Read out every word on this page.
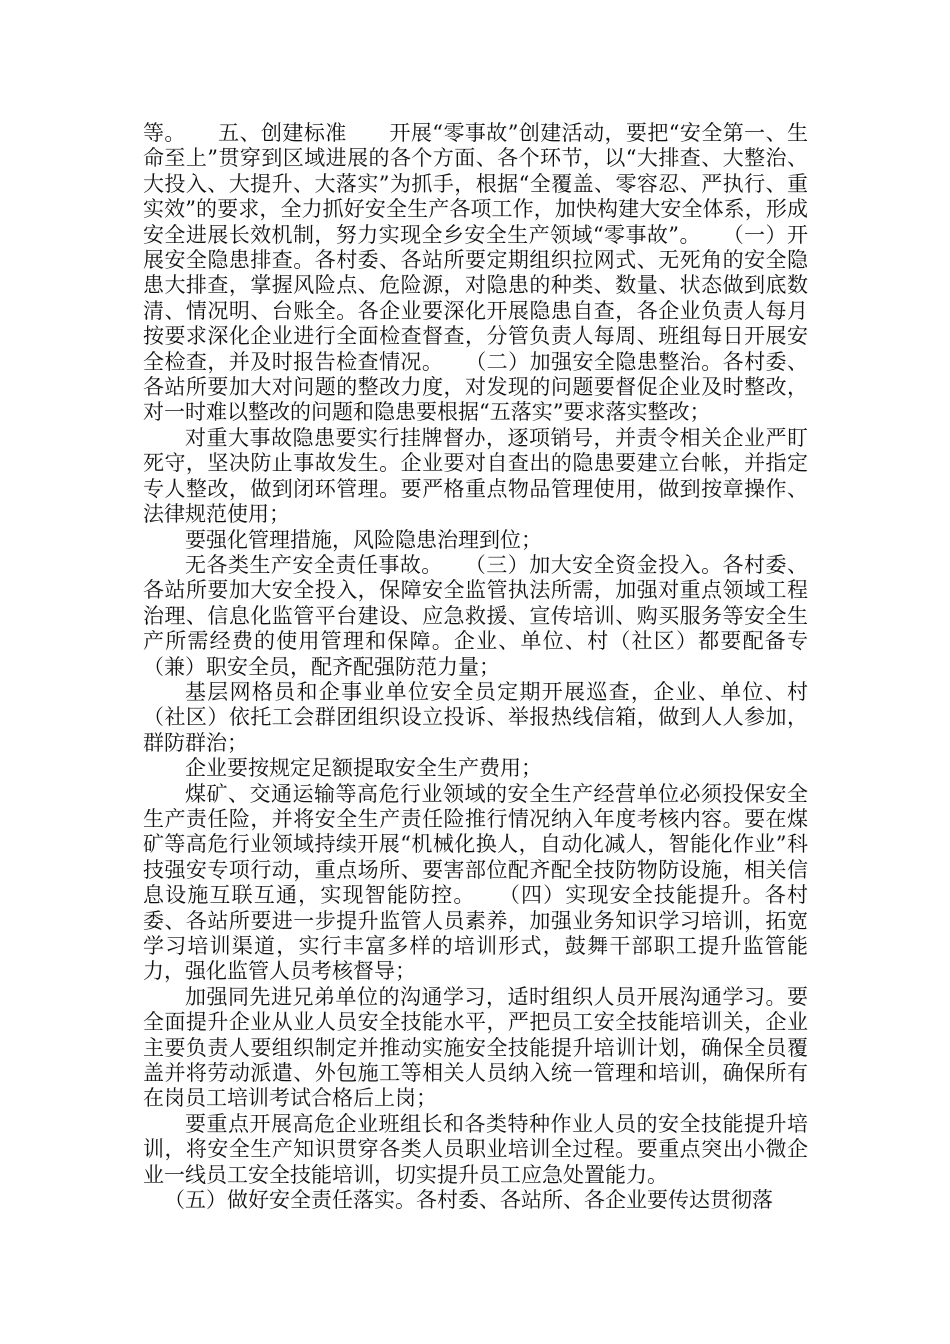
等。　　五、创建标准　　开展“零事故”创建活动，要把“安全第一、生命至上”贯穿到区域进展的各个方面、各个环节，以“大排查、大整治、大投入、大提升、大落实”为抓手，根据“全覆盖、零容忍、严执行、重实效”的要求，全力抓好安全生产各项工作，加快构建大安全体系，形成安全进展长效机制，努力实现全乡安全生产领域“零事故”。　　（一）开展安全隐患排查。各村委、各站所要定期组织拉网式、无死角的安全隐患大排查，掌握风险点、危险源，对隐患的种类、数量、状态做到底数清、情况明、台账全。各企业要深化开展隐患自查，各企业负责人每月按要求深化企业进行全面检查督查，分管负责人每周、班组每日开展安全检查，并及时报告检查情况。　　（二）加强安全隐患整治。各村委、各站所要加大对问题的整改力度，对发现的问题要督促企业及时整改，对一时难以整改的问题和隐患要根据“五落实”要求落实整改；

对重大事故隐患要实行挂牌督办，逐项销号，并责令相关企业严盯死守，坚决防止事故发生。企业要对自查出的隐患要建立台帐，并指定专人整改，做到闭环管理。要严格重点物品管理使用，做到按章操作、法律规范使用；

要强化管理措施，风险隐患治理到位；

无各类生产安全责任事故。　　（三）加大安全资金投入。各村委、各站所要加大安全投入，保障安全监管执法所需，加强对重点领域工程治理、信息化监管平台建设、应急救援、宣传培训、购买服务等安全生产所需经费的使用管理和保障。企业、单位、村（社区）都要配备专（兼）职安全员，配齐配强防范力量；

基层网格员和企事业单位安全员定期开展巡查，企业、单位、村（社区）依托工会群团组织设立投诉、举报热线信箱，做到人人参加，群防群治；

企业要按规定足额提取安全生产费用；

煤矿、交通运输等高危行业领域的安全生产经营单位必须投保安全生产责任险，并将安全生产责任险推行情况纳入年度考核内容。要在煤矿等高危行业领域持续开展“机械化换人，自动化减人，智能化作业”科技强安专项行动，重点场所、要害部位配齐配全技防物防设施，相关信息设施互联互通，实现智能防控。　　（四）实现安全技能提升。各村委、各站所要进一步提升监管人员素养，加强业务知识学习培训，拓宽学习培训渠道，实行丰富多样的培训形式，鼓舞干部职工提升监管能力，强化监管人员考核督导；

加强同先进兄弟单位的沟通学习，适时组织人员开展沟通学习。要全面提升企业从业人员安全技能水平，严把员工安全技能培训关，企业主要负责人要组织制定并推动实施安全技能提升培训计划，确保全员覆盖并将劳动派遣、外包施工等相关人员纳入统一管理和培训，确保所有在岗员工培训考试合格后上岗；

要重点开展高危企业班组长和各类特种作业人员的安全技能提升培训，将安全生产知识贯穿各类人员职业培训全过程。要重点突出小微企业一线员工安全技能培训，切实提升员工应急处置能力。

（五）做好安全责任落实。各村委、各站所、各企业要传达贯彻落
